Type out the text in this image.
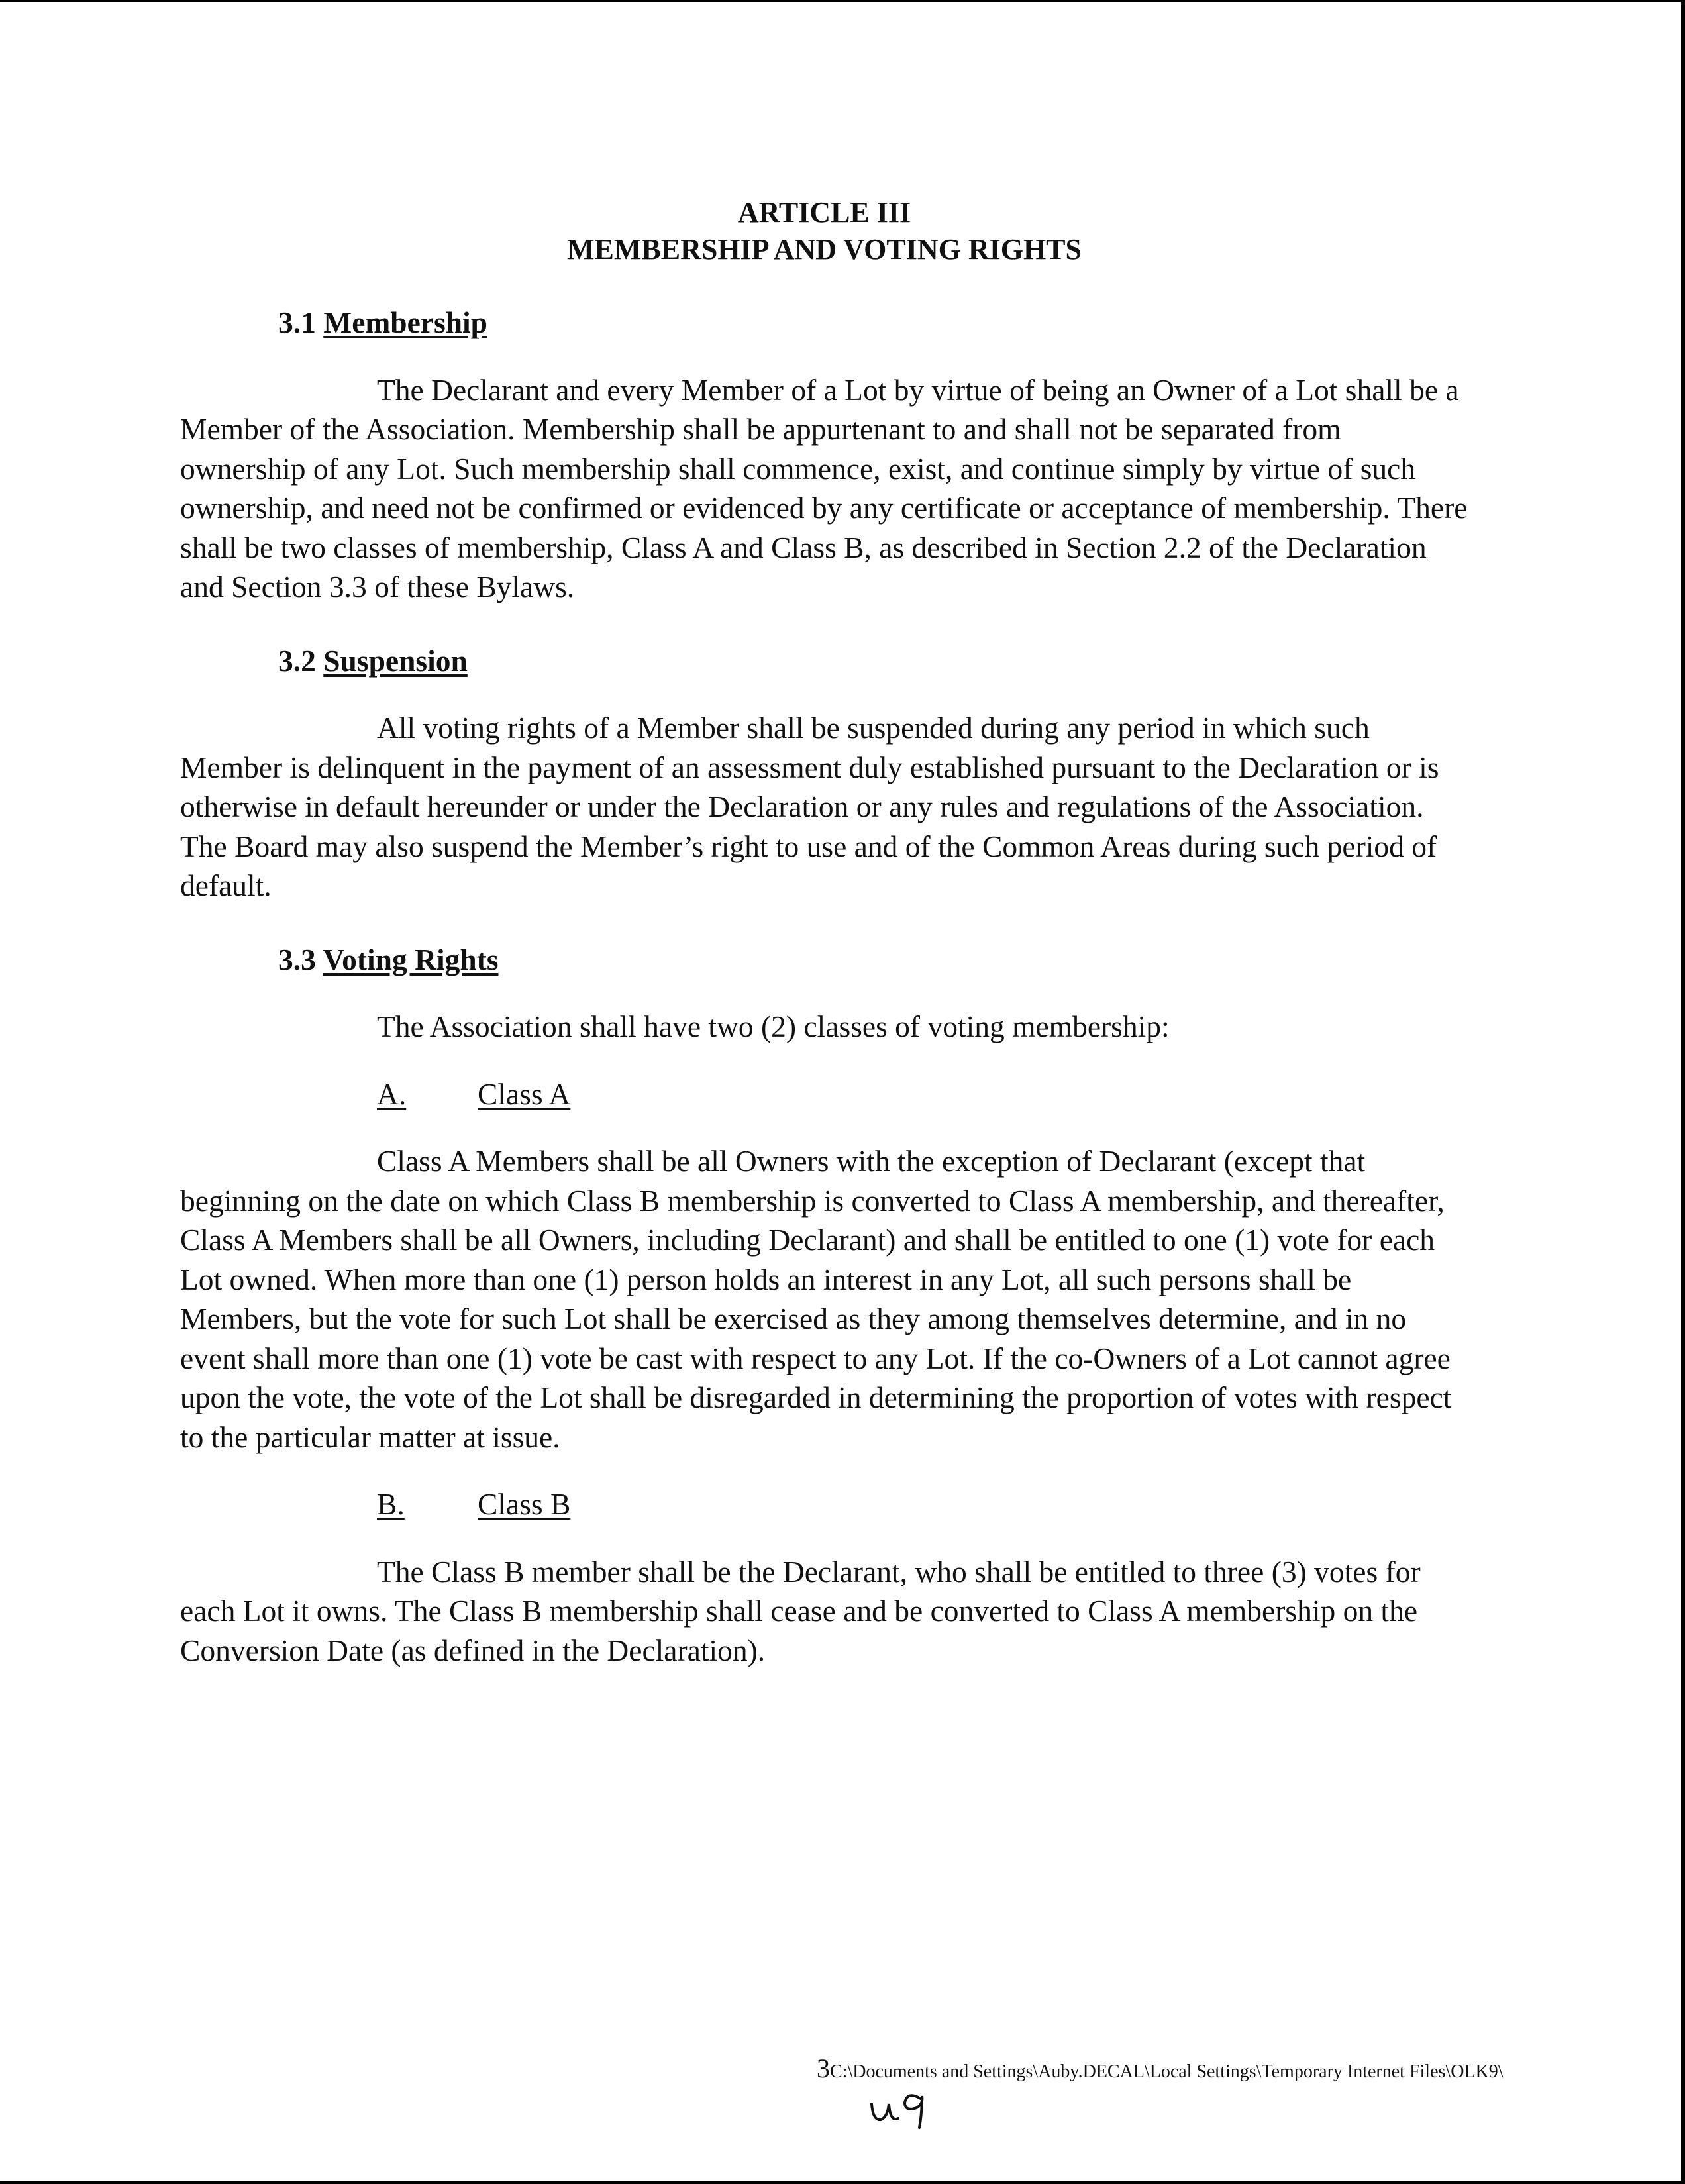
ARTICLE III
MEMBERSHIP AND VOTING RIGHTS
3.1 Membership

The Declarant and every Member of a Lot by virtue of being an Owner of a Lot shall be a Member of the Association. Membership shall be appurtenant to and shall not be separated from ownership of any Lot. Such membership shall commence, exist, and continue simply by virtue of such ownership, and need not be confirmed or evidenced by any certificate or acceptance of membership. There shall be two classes of membership, Class A and Class B, as described in Section 2.2 of the Declaration and Section 3.3 of these Bylaws.

3.2 Suspension

All voting rights of a Member shall be suspended during any period in which such Member is delinquent in the payment of an assessment duly established pursuant to the Declaration or is otherwise in default hereunder or under the Declaration or any rules and regulations of the Association. The Board may also suspend the Member’s right to use and of the Common Areas during such period of default.

3.3 Voting Rights
The Association shall have two (2) classes of voting membership:
A.	Class A

Class A Members shall be all Owners with the exception of Declarant (except that beginning on the date on which Class B membership is converted to Class A membership, and thereafter, Class A Members shall be all Owners, including Declarant) and shall be entitled to one (1) vote for each Lot owned. When more than one (1) person holds an interest in any Lot, all such persons shall be Members, but the vote for such Lot shall be exercised as they among themselves determine, and in no event shall more than one (1) vote be cast with respect to any Lot. If the co-Owners of a Lot cannot agree upon the vote, the vote of the Lot shall be disregarded in determining the proportion of votes with respect to the particular matter at issue.

B.	Class B

The Class B member shall be the Declarant, who shall be entitled to three (3) votes for each Lot it owns. The Class B membership shall cease and be converted to Class A membership on the Conversion Date (as defined in the Declaration).

3C:\Documents and Settings\Auby.DECAL\Local Settings\Temporary Internet Files\OLK9\
